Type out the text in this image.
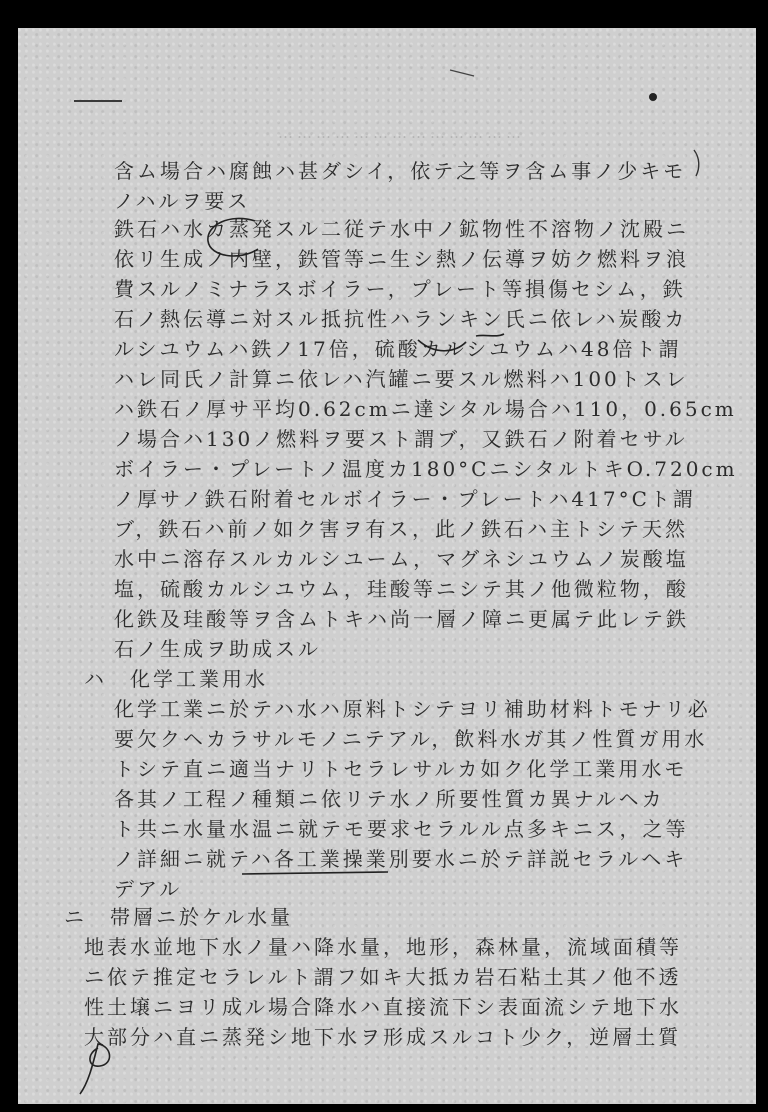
…………………………………
含ム場合ハ腐蝕ハ甚ダシイ，依テ之等ヲ含ム事ノ少キモ
ノハルヲ要ス
鉄石ハ水カ蒸発スル二従テ水中ノ鉱物性不溶物ノ沈殿ニ
依リ生成ノ内壁，鉄管等ニ生シ熱ノ伝導ヲ妨ク燃料ヲ浪
費スルノミナラスボイラー，プレート等損傷セシム，鉄
石ノ熱伝導ニ対スル抵抗性ハランキン氏ニ依レハ炭酸カ
ルシユウムハ鉄ノ17倍，硫酸カルシユウムハ48倍ト謂
ハレ同氏ノ計算ニ依レハ汽罐ニ要スル燃料ハ100トスレ
ハ鉄石ノ厚サ平均0.62cmニ達シタル場合ハ110，0.65cm
ノ場合ハ130ノ燃料ヲ要スト謂ブ，又鉄石ノ附着セサル
ボイラー・プレートノ温度カ180°CニシタルトキO.720cm
ノ厚サノ鉄石附着セルボイラー・プレートハ417°Cト謂
ブ，鉄石ハ前ノ如ク害ヲ有ス，此ノ鉄石ハ主トシテ天然
水中ニ溶存スルカルシユーム，マグネシユウムノ炭酸塩
塩，硫酸カルシユウム，珪酸等ニシテ其ノ他微粒物，酸
化鉄及珪酸等ヲ含ムトキハ尚一層ノ障ニ更属テ此レテ鉄
石ノ生成ヲ助成スル
ハ　化学工業用水
化学工業ニ於テハ水ハ原料トシテヨリ補助材料トモナリ必
要欠クヘカラサルモノニテアル，飲料水ガ其ノ性質ガ用水
トシテ直ニ適当ナリトセラレサルカ如ク化学工業用水モ
各其ノ工程ノ種類ニ依リテ水ノ所要性質カ異ナルヘカ
ト共ニ水量水温ニ就テモ要求セラルル点多キニス，之等
ノ詳細ニ就テハ各工業操業別要水ニ於テ詳説セラルヘキ
デアル
ニ　帯層ニ於ケル水量
地表水並地下水ノ量ハ降水量，地形，森林量，流域面積等
ニ依テ推定セラレルト謂フ如キ大抵カ岩石粘土其ノ他不透
性土壌ニヨリ成ル場合降水ハ直接流下シ表面流シテ地下水
大部分ハ直ニ蒸発シ地下水ヲ形成スルコト少ク，逆層土質
